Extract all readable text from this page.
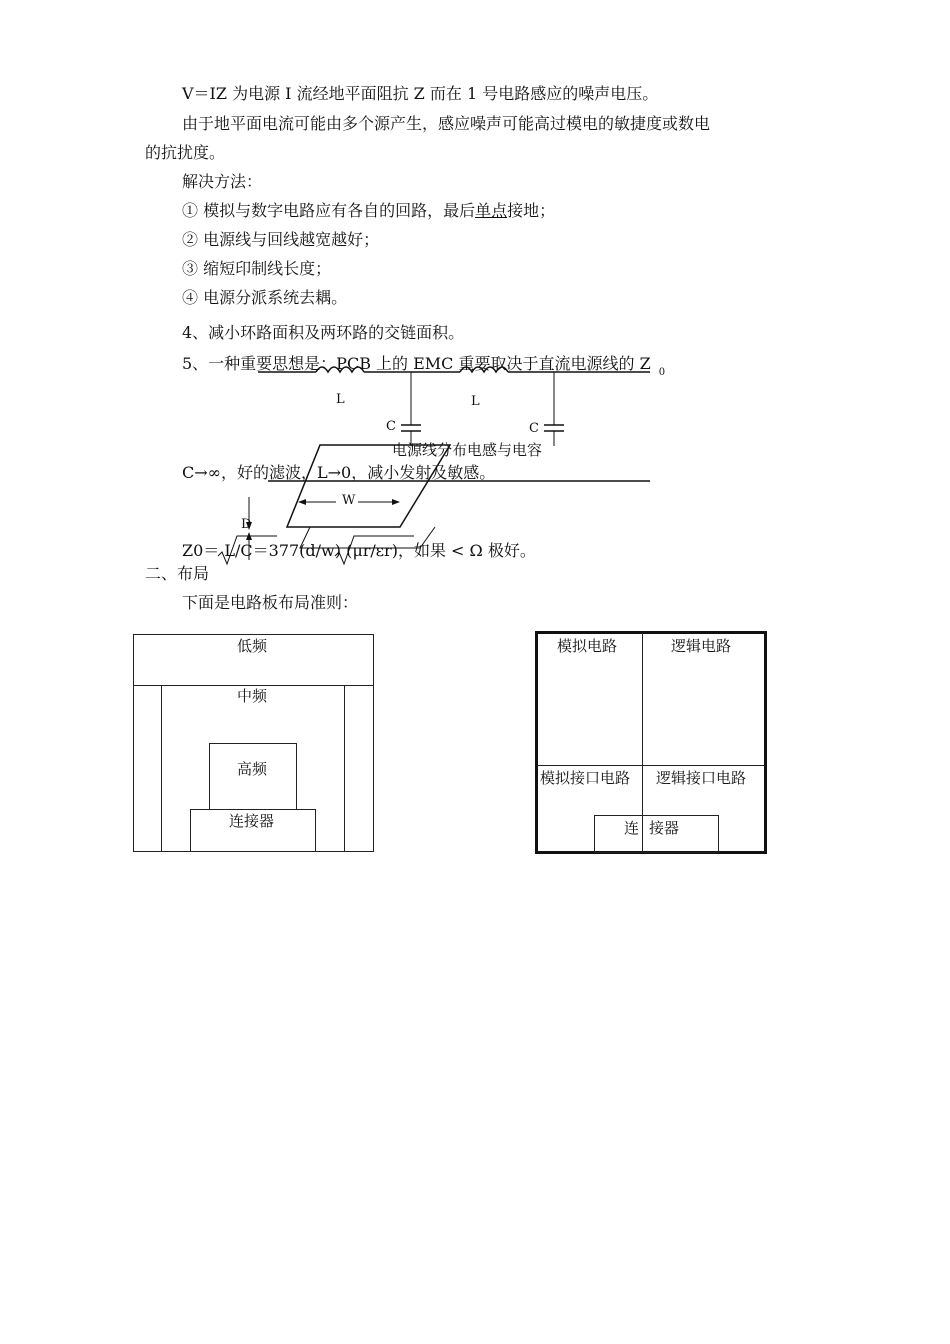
V＝IZ 为电源 I 流经地平面阻抗 Z 而在 1 号电路感应的噪声电压。
由于地平面电流可能由多个源产生，感应噪声可能高过模电的敏捷度或数电
的抗扰度。
解决方法：
① 模拟与数字电路应有各自的回路，最后单点接地；
② 电源线与回线越宽越好；
③ 缩短印制线长度；
④ 电源分派系统去耦。
4、减小环路面积及两环路的交链面积。
5、一种重要思想是：PCB 上的 EMC 重要取决于直流电源线的 Z $_0$
L	L
C	C
电源线分布电感与电容
W
D
C→∞，好的滤波，L→0，减小发射及敏感。
Z0＝ L/C＝377(d/w) (μr/εr)，如果 < Ω 极好。
二、布局
下面是电路板布局准则：
低频
中频
高频
连接器
模拟电路	逻辑电路
模拟接口电路 逻辑接口电路
连 接器
